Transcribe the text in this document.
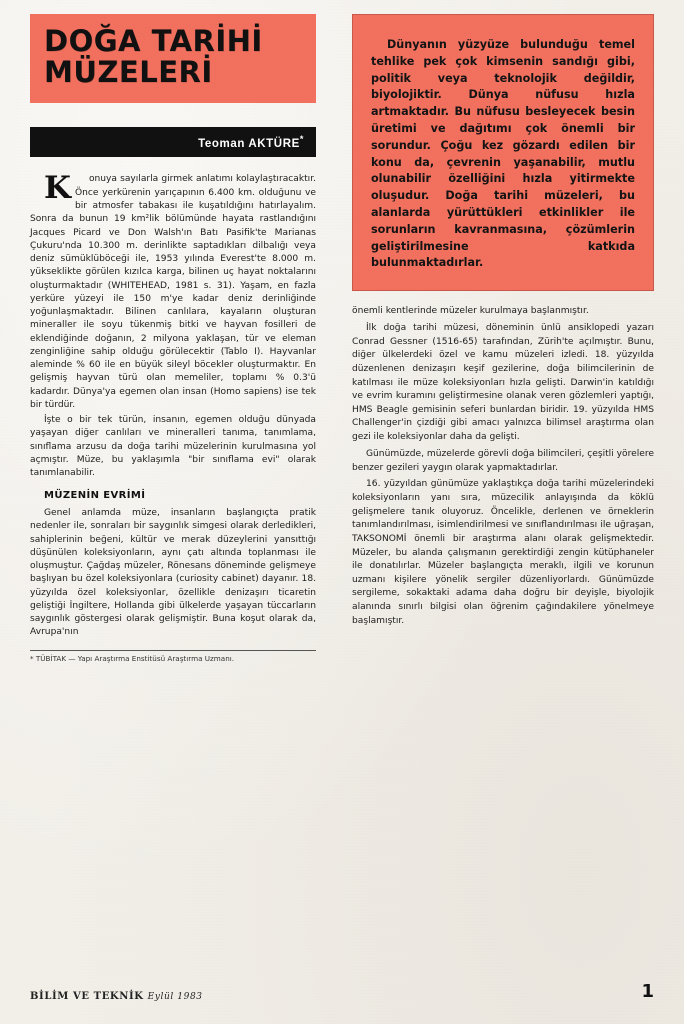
DOĞA TARİHİ
MÜZELERİ
Teoman AKTÜRE*

K	onuya sayılarla girmek anlatımı kolaylaştıracaktır. Önce yerkürenin yarıçapının 6.400 km. olduğunu ve bir atmosfer tabakası ile kuşatıldığını hatırlayalım. Sonra da bunun 19 km²lik bölümünde hayata rastlandığını Jacques Picard ve Don Walsh'ın Batı Pasifik'te Marianas Çukuru'nda 10.300 m. derinlikte saptadıkları dilbalığı veya deniz sümüklüböceği ile, 1953 yılında Everest'te 8.000 m. yükseklikte görülen kızılca karga, bilinen uç hayat noktalarını oluşturmaktadır (WHITEHEAD, 1981 s. 31). Yaşam, en fazla yerküre yüzeyi ile 150 m'ye kadar deniz derinliğinde yoğunlaşmaktadır. Bilinen canlılara, kayaların oluşturan mineraller ile soyu tükenmiş bitki ve hayvan fosilleri de eklendiğinde doğanın, 2 milyona yaklaşan, tür ve eleman zenginliğine sahip olduğu görülecektir (Tablo I). Hayvanlar aleminde % 60 ile en büyük sileyl böcekler oluşturmaktır. En gelişmiş hayvan türü olan memeliler, toplamı % 0.3'ü kadardır. Dünya'ya egemen olan insan (Homo sapiens) ise tek bir türdür.

İşte o bir tek türün, insanın, egemen olduğu dünyada yaşayan diğer canlıları ve mineralleri tanıma, tanımlama, sınıflama arzusu da doğa tarihi müzelerinin kurulmasına yol açmıştır. Müze, bu yaklaşımla "bir sınıflama evi" olarak tanımlanabilir.

MÜZENİN EVRİMİ

Genel anlamda müze, insanların başlangıçta pratik nedenler ile, sonraları bir saygınlık simgesi olarak derledikleri, sahiplerinin beğeni, kültür ve merak düzeylerini yansıttığı düşünülen koleksiyonların, aynı çatı altında toplanması ile oluşmuştur. Çağdaş müzeler, Rönesans döneminde gelişmeye başlıyan bu özel koleksiyonlara (curiosity cabinet) dayanır. 18. yüzyılda özel koleksiyonlar, özellikle denizaşırı ticaretin geliştiği İngiltere, Hollanda gibi ülkelerde yaşayan tüccarların saygınlık göstergesi olarak gelişmiştir. Buna koşut olarak da, Avrupa'nın

* TÜBİTAK — Yapı Araştırma Enstitüsü Araştırma Uzmanı.

Dünyanın yüzyüze bulunduğu temel tehlike pek çok kimsenin sandığı gibi, politik veya teknolojik değildir, biyolojiktir. Dünya nüfusu hızla artmaktadır. Bu nüfusu besleyecek besin üretimi ve dağıtımı çok önemli bir sorundur. Çoğu kez gözardı edilen bir konu da, çevrenin yaşanabilir, mutlu olunabilir özelliğini hızla yitirmekte oluşudur. Doğa tarihi müzeleri, bu alanlarda yürüttükleri etkinlikler ile sorunların kavranmasına, çözümlerin geliştirilmesine katkıda bulunmaktadırlar.

önemli kentlerinde müzeler kurulmaya başlanmıştır.

İlk doğa tarihi müzesi, döneminin ünlü ansiklopedi yazarı Conrad Gessner (1516-65) tarafından, Zürih'te açılmıştır. Bunu, diğer ülkelerdeki özel ve kamu müzeleri izledi. 18. yüzyılda düzenlenen denizaşırı keşif gezilerine, doğa bilimcilerinin de katılması ile müze koleksiyonları hızla gelişti. Darwin'in katıldığı ve evrim kuramını geliştirmesine olanak veren gözlemleri yaptığı, HMS Beagle gemisinin seferi bunlardan biridir. 19. yüzyılda HMS Challenger'in çizdiği gibi amacı yalnızca bilimsel araştırma olan gezi ile koleksiyonlar daha da gelişti.

Günümüzde, müzelerde görevli doğa bilimcileri, çeşitli yörelere benzer gezileri yaygın olarak yapmaktadırlar.

16. yüzyıldan günümüze yaklaştıkça doğa tarihi müzelerindeki koleksiyonların yanı sıra, müzecilik anlayışında da köklü gelişmelere tanık oluyoruz. Öncelikle, derlenen ve örneklerin tanımlandırılması, isimlendirilmesi ve sınıflandırılması ile uğraşan, TAKSONOMİ önemli bir araştırma alanı olarak gelişmektedir. Müzeler, bu alanda çalışmanın gerektirdiği zengin kütüphaneler ile donatılırlar. Müzeler başlangıçta meraklı, ilgili ve korunun uzmanı kişilere yönelik sergiler düzenliyorlardı. Günümüzde sergileme, sokaktaki adama daha doğru bir deyişle, biyolojik alanında sınırlı bilgisi olan öğrenim çağındakilere yönelmeye başlamıştır.

BİLİM VE TEKNİK Eylül 1983	1
